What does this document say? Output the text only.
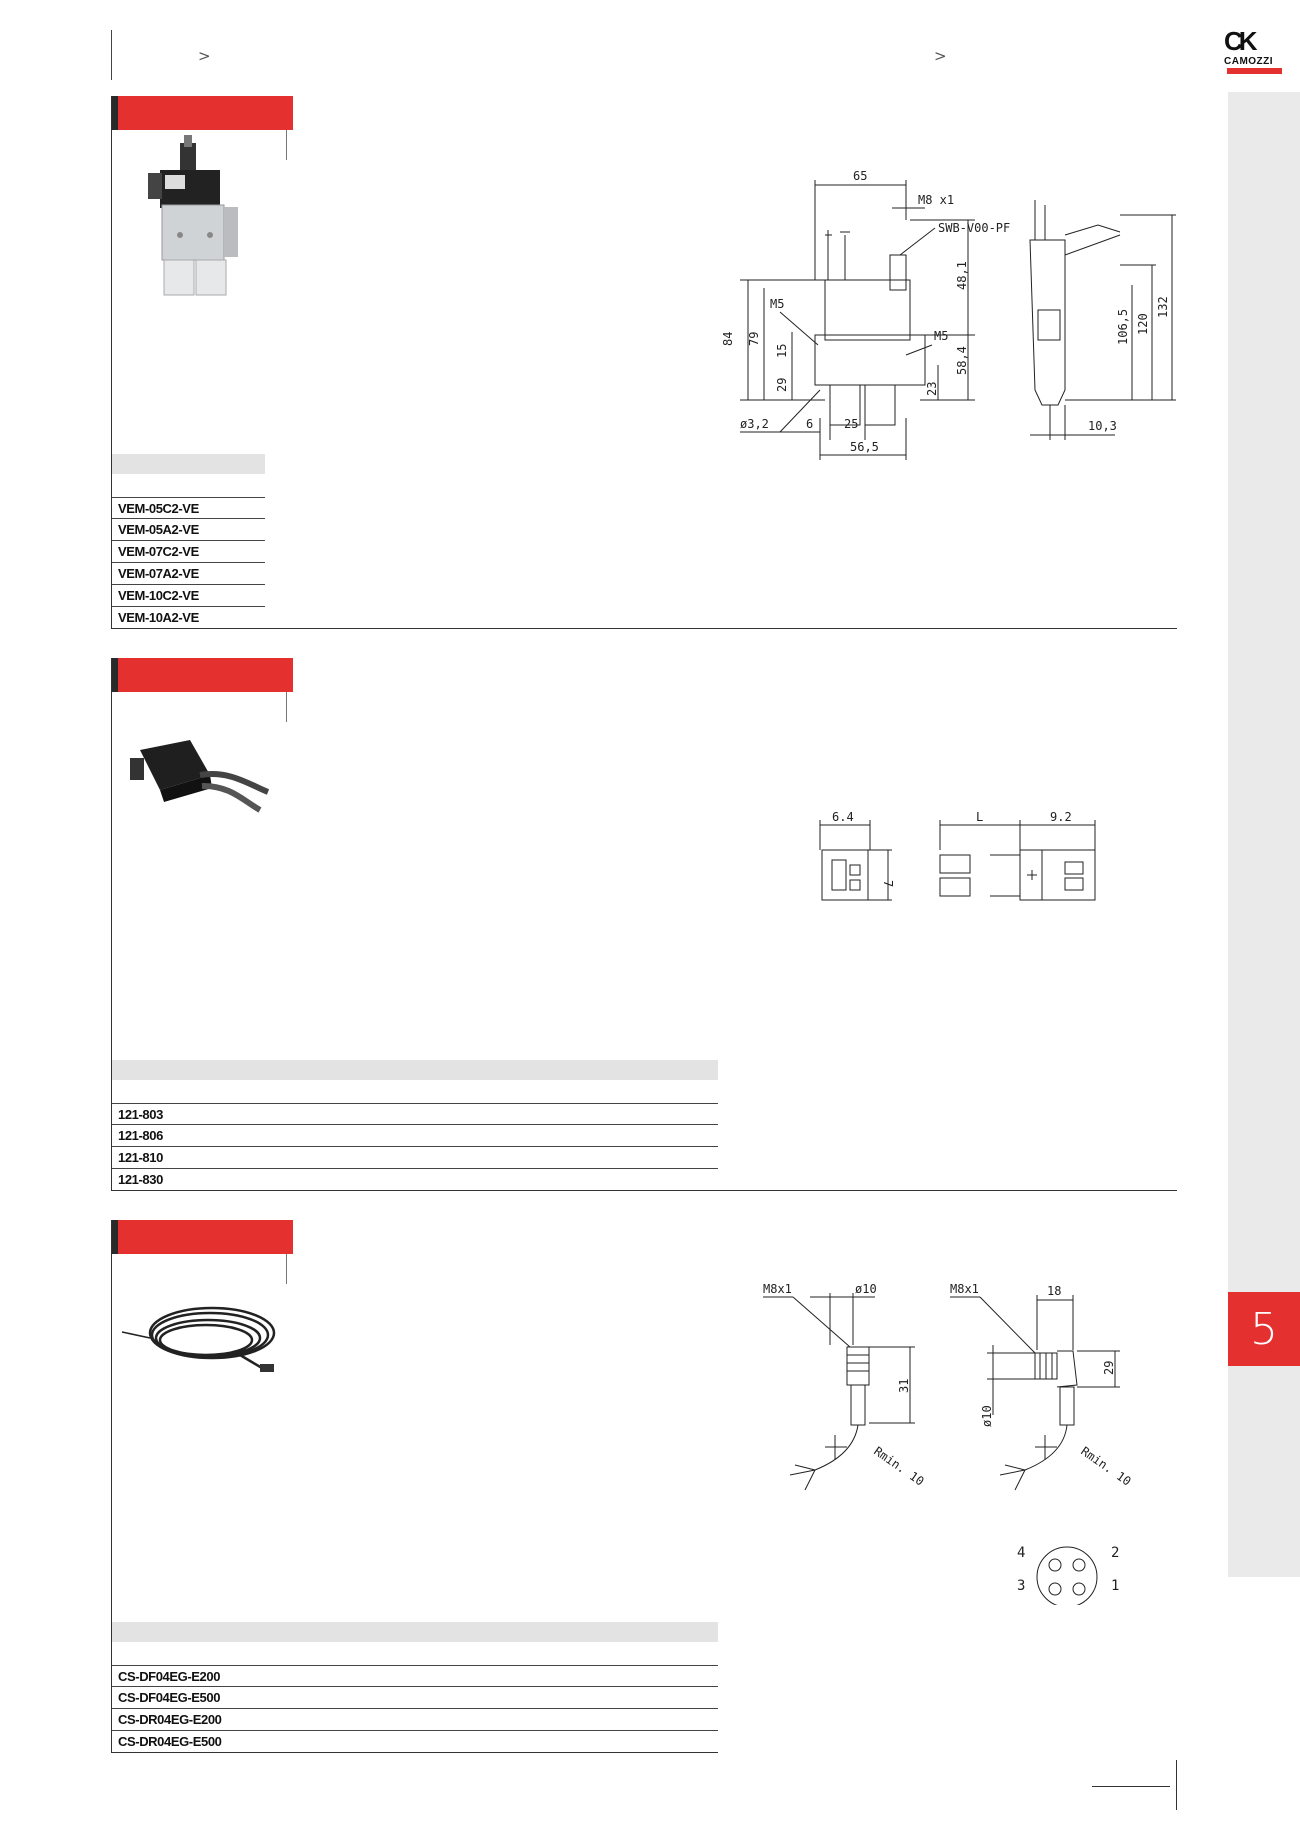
>	>	CK
CAMOZZI
5
65
M8 x1
SWB-V00-PF
84 79
15
29
M5
48,1
58,4
23
M5
ø3,2	6	25
56,5
132
120
106,5
10,3
VEM-05C2-VE
VEM-05A2-VE
VEM-07C2-VE
VEM-07A2-VE
VEM-10C2-VE
VEM-10A2-VE
6.4
7
L	9.2
121-803
121-806
121-810
121-830
M8x1	ø10
31
Rmin. 10
M8x1	18
ø10
29
Rmin. 10
4	2
3	1
CS-DF04EG-E200
CS-DF04EG-E500
CS-DR04EG-E200
CS-DR04EG-E500
